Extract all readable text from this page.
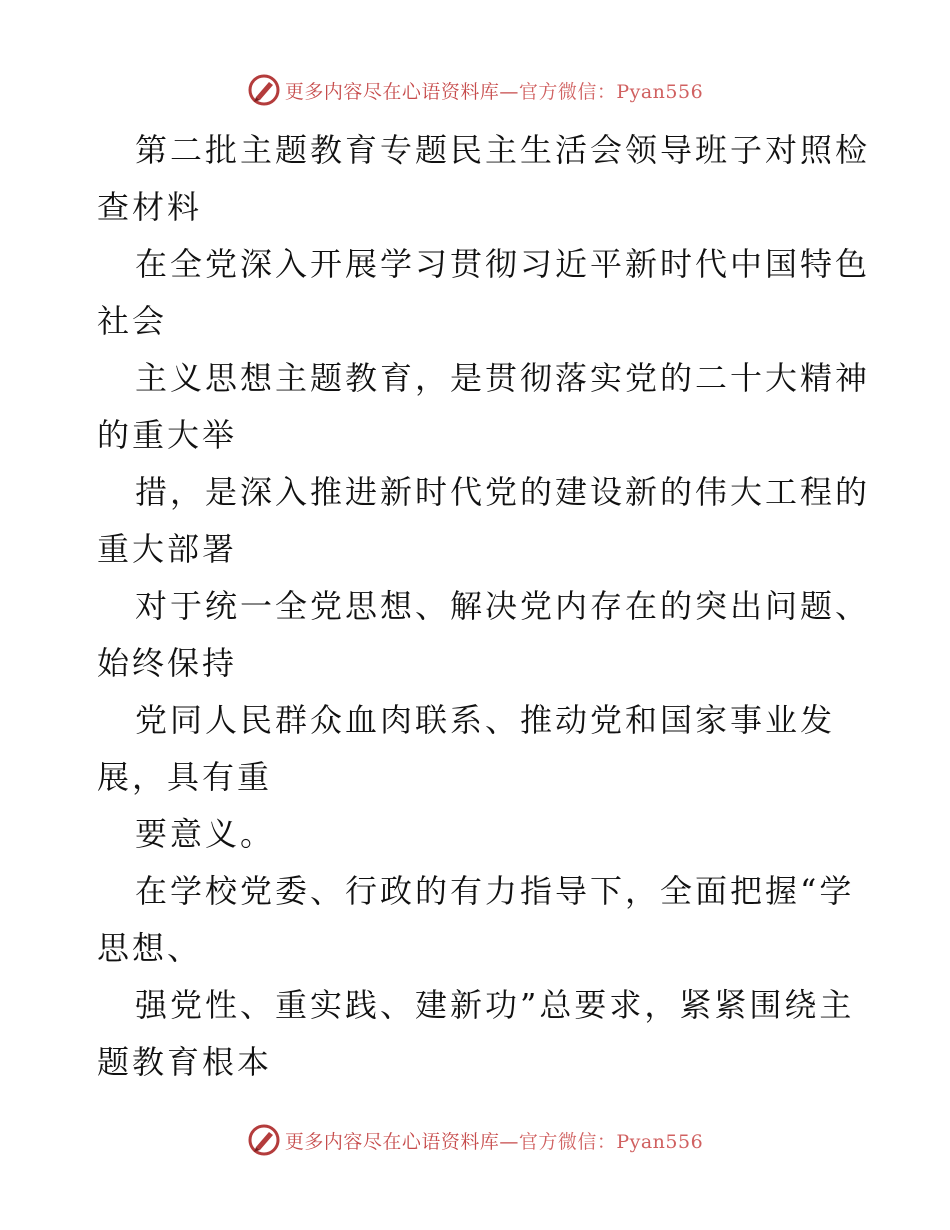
更多内容尽在心语资料库— 官方微信：Pyan556

第二批主题教育专题民主生活会领导班子对照检

查材料

在全党深入开展学习贯彻习近平新时代中国特色

社会

主义思想主题教育，是贯彻落实党的二十大精神

的重大举

措，是深入推进新时代党的建设新的伟大工程的

重大部署

对于统一全党思想、解决党内存在的突出问题、

始终保持

党同人民群众血肉联系、推动党和国家事业发

展，具有重

要意义。

在学校党委、行政的有力指导下，全面把握“学

思想、

强党性、重实践、建新功”总要求，紧紧围绕主

题教育根本

更多内容尽在心语资料库— 官方微信：Pyan556
